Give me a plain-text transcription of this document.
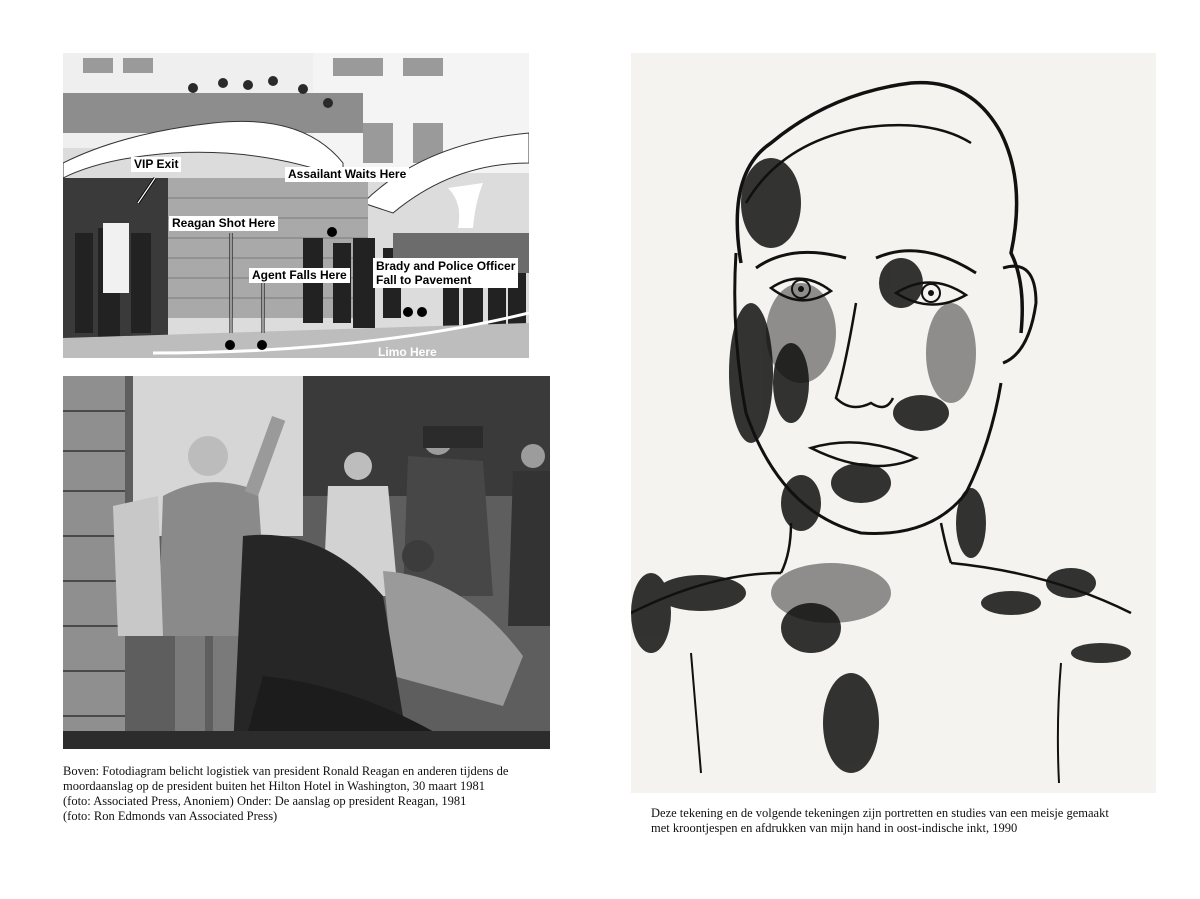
VIP Exit
Assailant Waits Here
Reagan Shot Here
Agent Falls Here
Brady and Police Officer
Fall to Pavement
Limo Here
Boven: Fotodiagram belicht logistiek van president Ronald Reagan en anderen tijdens de
moordaanslag op de president buiten het Hilton Hotel in Washington, 30 maart 1981
(foto: Associated Press, Anoniem) Onder: De aanslag op president Reagan, 1981
(foto: Ron Edmonds van Associated Press)	Deze tekening en de volgende tekeningen zijn portretten en studies van een meisje gemaakt
met kroontjespen en afdrukken van mijn hand in oost-indische inkt, 1990
